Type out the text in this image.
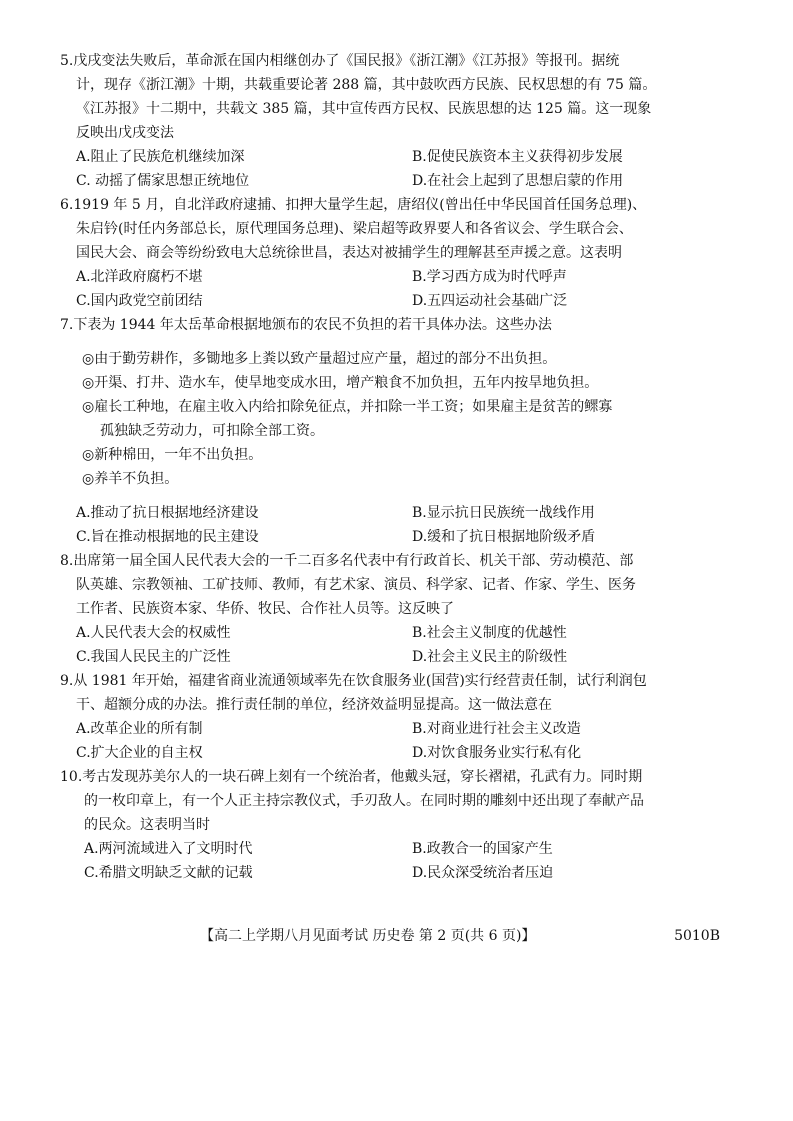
5.戊戌变法失败后，革命派在国内相继创办了《国民报》《浙江潮》《江苏报》等报刊。据统
计，现存《浙江潮》十期，共载重要论著 288 篇，其中鼓吹西方民族、民权思想的有 75 篇。
《江苏报》十二期中，共载文 385 篇，其中宣传西方民权、民族思想的达 125 篇。这一现象
反映出戊戌变法
A.阻止了民族危机继续加深	B.促使民族资本主义获得初步发展
C. 动摇了儒家思想正统地位	D.在社会上起到了思想启蒙的作用
6.1919 年 5 月，自北洋政府逮捕、扣押大量学生起，唐绍仪(曾出任中华民国首任国务总理)、
朱启钤(时任内务部总长，原代理国务总理)、梁启超等政界要人和各省议会、学生联合会、
国民大会、商会等纷纷致电大总统徐世昌，表达对被捕学生的理解甚至声援之意。这表明
A.北洋政府腐朽不堪	B.学习西方成为时代呼声
C.国内政党空前团结	D.五四运动社会基础广泛
7.下表为 1944 年太岳革命根据地颁布的农民不负担的若干具体办法。这些办法
◎由于勤劳耕作，多锄地多上粪以致产量超过应产量，超过的部分不出负担。
◎开渠、打井、造水车，使旱地变成水田，增产粮食不加负担，五年内按旱地负担。
◎雇长工种地，在雇主收入内给扣除免征点，并扣除一半工资；如果雇主是贫苦的鳏寡
孤独缺乏劳动力，可扣除全部工资。
◎新种棉田，一年不出负担。
◎养羊不负担。
A.推动了抗日根据地经济建设	B.显示抗日民族统一战线作用
C.旨在推动根据地的民主建设	D.缓和了抗日根据地阶级矛盾
8.出席第一届全国人民代表大会的一千二百多名代表中有行政首长、机关干部、劳动模范、部
队英雄、宗教领袖、工矿技师、教师，有艺术家、演员、科学家、记者、作家、学生、医务
工作者、民族资本家、华侨、牧民、合作社人员等。这反映了
A.人民代表大会的权威性	B.社会主义制度的优越性
C.我国人民民主的广泛性	D.社会主义民主的阶级性
9.从 1981 年开始，福建省商业流通领域率先在饮食服务业(国营)实行经营责任制，试行利润包
干、超额分成的办法。推行责任制的单位，经济效益明显提高。这一做法意在
A.改革企业的所有制	B.对商业进行社会主义改造
C.扩大企业的自主权	D.对饮食服务业实行私有化
10.考古发现苏美尔人的一块石碑上刻有一个统治者，他戴头冠，穿长褶裙，孔武有力。同时期
的一枚印章上，有一个人正主持宗教仪式，手刃敌人。在同时期的雕刻中还出现了奉献产品
的民众。这表明当时
A.两河流域进入了文明时代	B.政教合一的国家产生
C.希腊文明缺乏文献的记载	D.民众深受统治者压迫
【高二上学期八月见面考试 历史卷 第 2 页(共 6 页)】	5010B
